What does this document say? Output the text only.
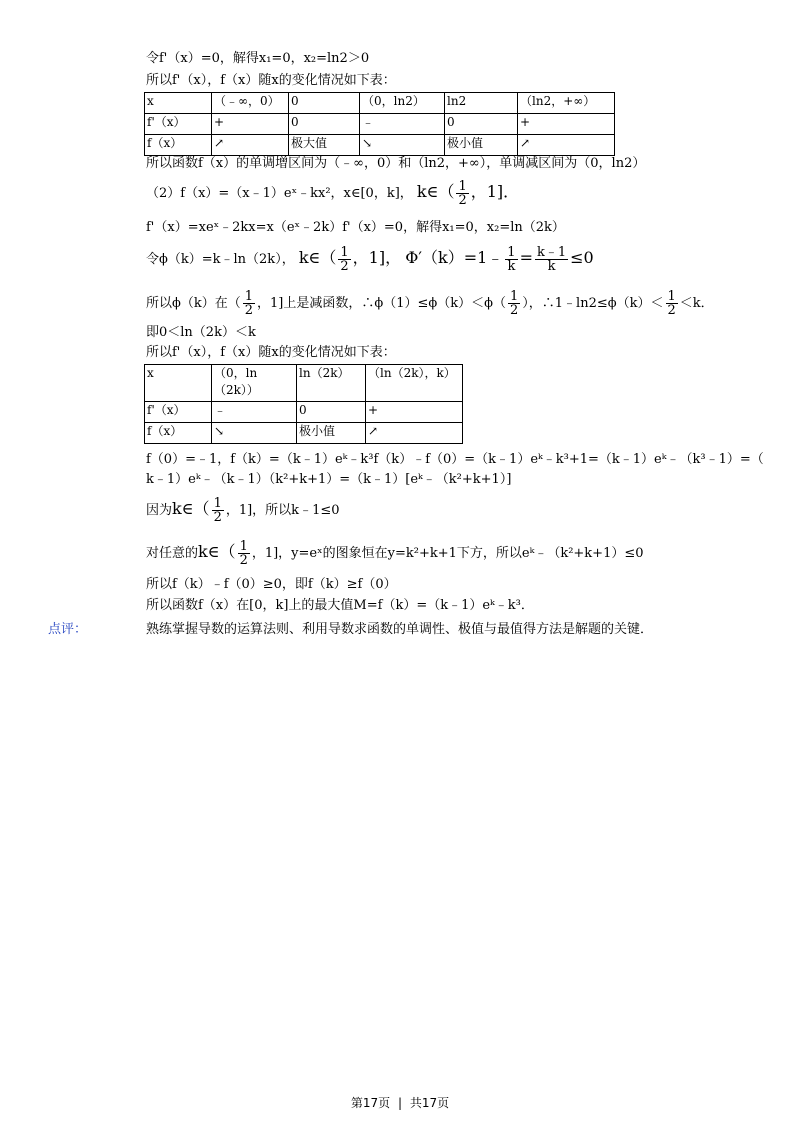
令f'（x）=0，解得x₁=0，x₂=ln2＞0
所以f'（x），f（x）随x的变化情况如下表：
x	（﹣∞，0）	0	（0，ln2）	ln2	（ln2，+∞）
f'（x）	+	0	﹣	0	+
f（x）	↗	极大值	↘	极小值	↗
所以函数f（x）的单调增区间为（﹣∞，0）和（ln2，+∞），单调减区间为（0，ln2）
（2）f（x）=（x﹣1）eˣ﹣kx²，x∈[0，k]， k∈（ $\frac{1}{2}$ ，1]．
f'（x）=xeˣ﹣2kx=x（eˣ﹣2k）f'（x）=0，解得x₁=0，x₂=ln（2k）
令ϕ（k）=k﹣ln（2k）， k∈（ $\frac{1}{2}$ ，1]， Φ′（k）=1﹣ $\frac{1}{k} = \frac{k﹣1}{k} \le 0$
所以ϕ（k）在（ $\frac{1}{2}$ ，1]上是减函数，∴ϕ（1）≤ϕ（k）＜ϕ（ $\frac{1}{2}$ ），∴1﹣ln2≤ϕ（k）＜ $\frac{1}{2} <k$．
即0＜ln（2k）＜k
所以f'（x），f（x）随x的变化情况如下表：
x	（0，ln（2k））	ln（2k）	（ln（2k），k）
f'（x）	﹣	0	+
f（x）	↘	极小值	↗
f（0）=﹣1，f（k）=（k﹣1）eᵏ﹣k³f（k）﹣f（0）=（k﹣1）eᵏ﹣k³+1=（k﹣1）eᵏ﹣（k³﹣1）=（
k﹣1）eᵏ﹣（k﹣1）（k²+k+1）=（k﹣1）[eᵏ﹣（k²+k+1）]
因为k∈（ $\frac{1}{2}$ ，1]，所以k﹣1≤0
对任意的k∈（ $\frac{1}{2}$ ，1]，y=eˣ的图象恒在y=k²+k+1下方，所以eᵏ﹣（k²+k+1）≤0
所以f（k）﹣f（0）≥0，即f（k）≥f（0）
所以函数f（x）在[0，k]上的最大值M=f（k）=（k﹣1）eᵏ﹣k³．
点评：	熟练掌握导数的运算法则、利用导数求函数的单调性、极值与最值得方法是解题的关键．
第17页 | 共17页
